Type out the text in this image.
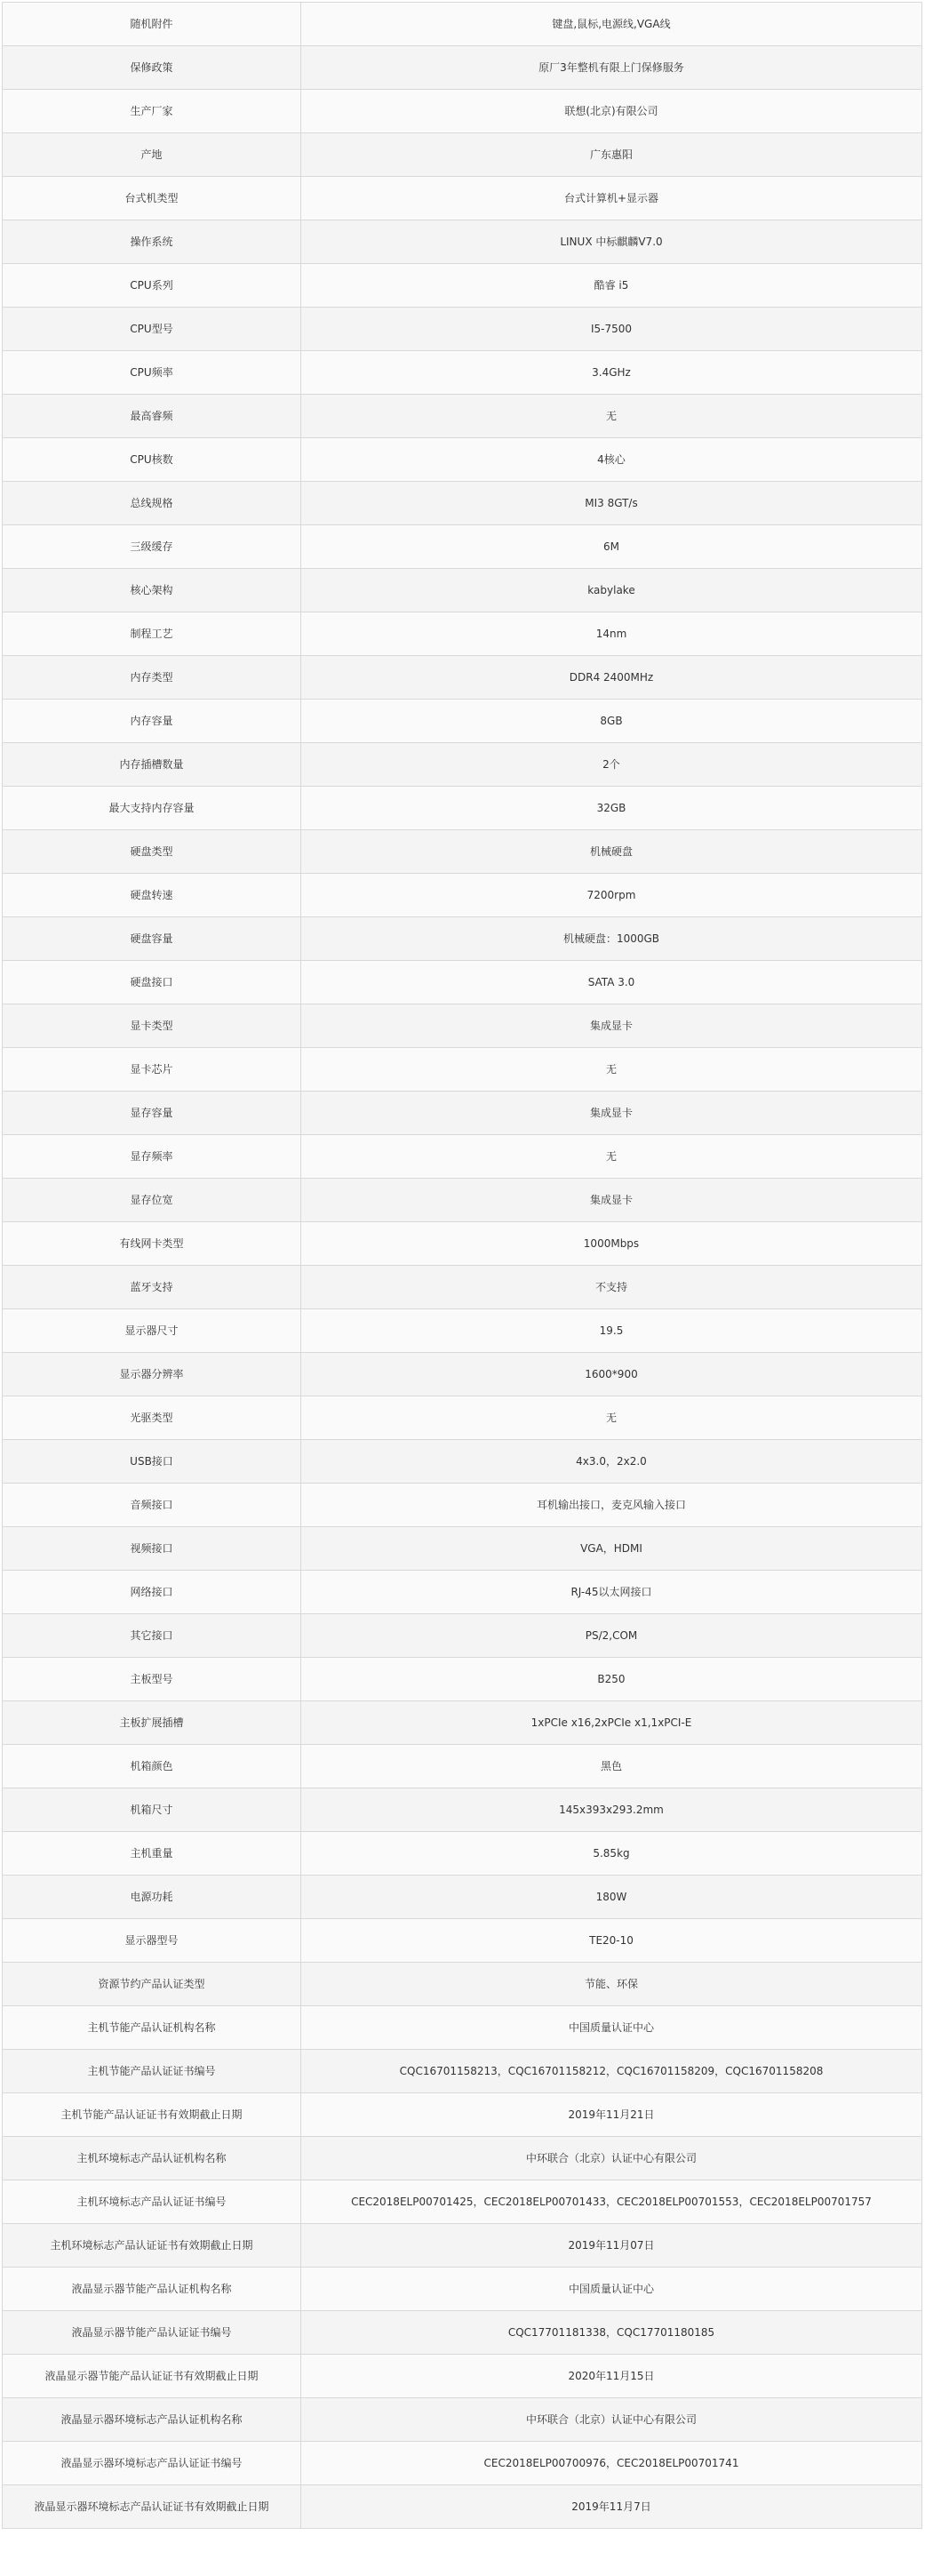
随机附件	键盘,鼠标,电源线,VGA线
保修政策	原厂3年整机有限上门保修服务
生产厂家	联想(北京)有限公司
产地	广东惠阳
台式机类型	台式计算机+显示器
操作系统	LINUX 中标麒麟V7.0
CPU系列	酷睿 i5
CPU型号	I5-7500
CPU频率	3.4GHz
最高睿频	无
CPU核数	4核心
总线规格	MI3 8GT/s
三级缓存	6M
核心架构	kabylake
制程工艺	14nm
内存类型	DDR4 2400MHz
内存容量	8GB
内存插槽数量	2个
最大支持内存容量	32GB
硬盘类型	机械硬盘
硬盘转速	7200rpm
硬盘容量	机械硬盘：1000GB
硬盘接口	SATA 3.0
显卡类型	集成显卡
显卡芯片	无
显存容量	集成显卡
显存频率	无
显存位宽	集成显卡
有线网卡类型	1000Mbps
蓝牙支持	不支持
显示器尺寸	19.5
显示器分辨率	1600*900
光驱类型	无
USB接口	4x3.0，2x2.0
音频接口	耳机输出接口，麦克风输入接口
视频接口	VGA，HDMI
网络接口	RJ-45以太网接口
其它接口	PS/2,COM
主板型号	B250
主板扩展插槽	1xPCIe x16,2xPCIe x1,1xPCI-E
机箱颜色	黑色
机箱尺寸	145x393x293.2mm
主机重量	5.85kg
电源功耗	180W
显示器型号	TE20-10
资源节约产品认证类型	节能、环保
主机节能产品认证机构名称	中国质量认证中心
主机节能产品认证证书编号	CQC16701158213，CQC16701158212，CQC16701158209，CQC16701158208
主机节能产品认证证书有效期截止日期	2019年11月21日
主机环境标志产品认证机构名称	中环联合（北京）认证中心有限公司
主机环境标志产品认证证书编号	CEC2018ELP00701425，CEC2018ELP00701433，CEC2018ELP00701553，CEC2018ELP00701757
主机环境标志产品认证证书有效期截止日期	2019年11月07日
液晶显示器节能产品认证机构名称	中国质量认证中心
液晶显示器节能产品认证证书编号	CQC17701181338，CQC17701180185
液晶显示器节能产品认证证书有效期截止日期	2020年11月15日
液晶显示器环境标志产品认证机构名称	中环联合（北京）认证中心有限公司
液晶显示器环境标志产品认证证书编号	CEC2018ELP00700976，CEC2018ELP00701741
液晶显示器环境标志产品认证证书有效期截止日期	2019年11月7日
